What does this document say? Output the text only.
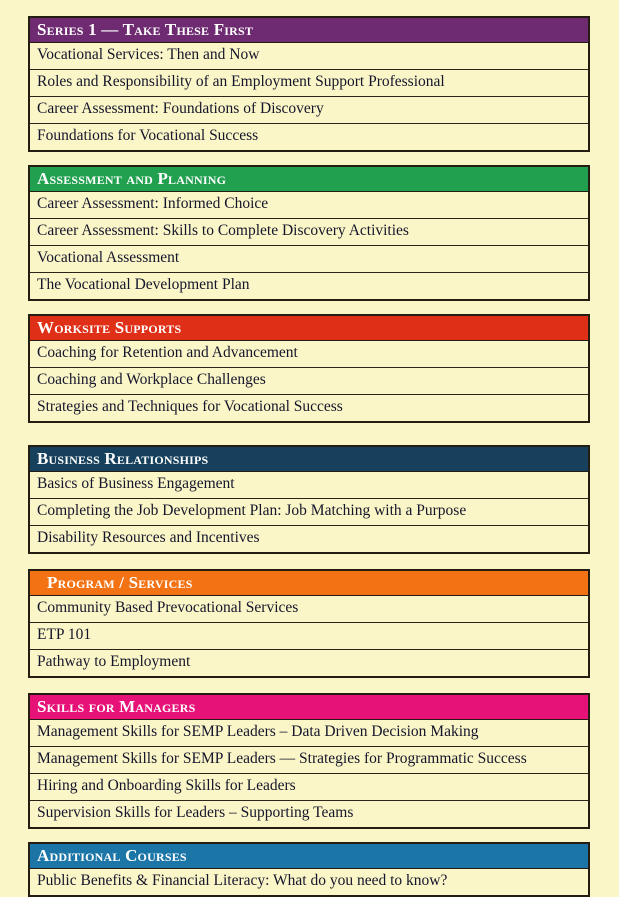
Series 1 — Take These First
Vocational Services: Then and Now
Roles and Responsibility of an Employment Support Professional
Career Assessment: Foundations of Discovery
Foundations for Vocational Success
Assessment and Planning
Career Assessment: Informed Choice
Career Assessment: Skills to Complete Discovery Activities
Vocational Assessment
The Vocational Development Plan
Worksite Supports
Coaching for Retention and Advancement
Coaching and Workplace Challenges
Strategies and Techniques for Vocational Success
Business Relationships
Basics of Business Engagement
Completing the Job Development Plan: Job Matching with a Purpose
Disability Resources and Incentives
Program / Services
Community Based Prevocational Services
ETP 101
Pathway to Employment
Skills for Managers
Management Skills for SEMP Leaders – Data Driven Decision Making
Management Skills for SEMP Leaders — Strategies for Programmatic Success
Hiring and Onboarding Skills for Leaders
Supervision Skills for Leaders – Supporting Teams
Additional Courses
Public Benefits & Financial Literacy: What do you need to know?
